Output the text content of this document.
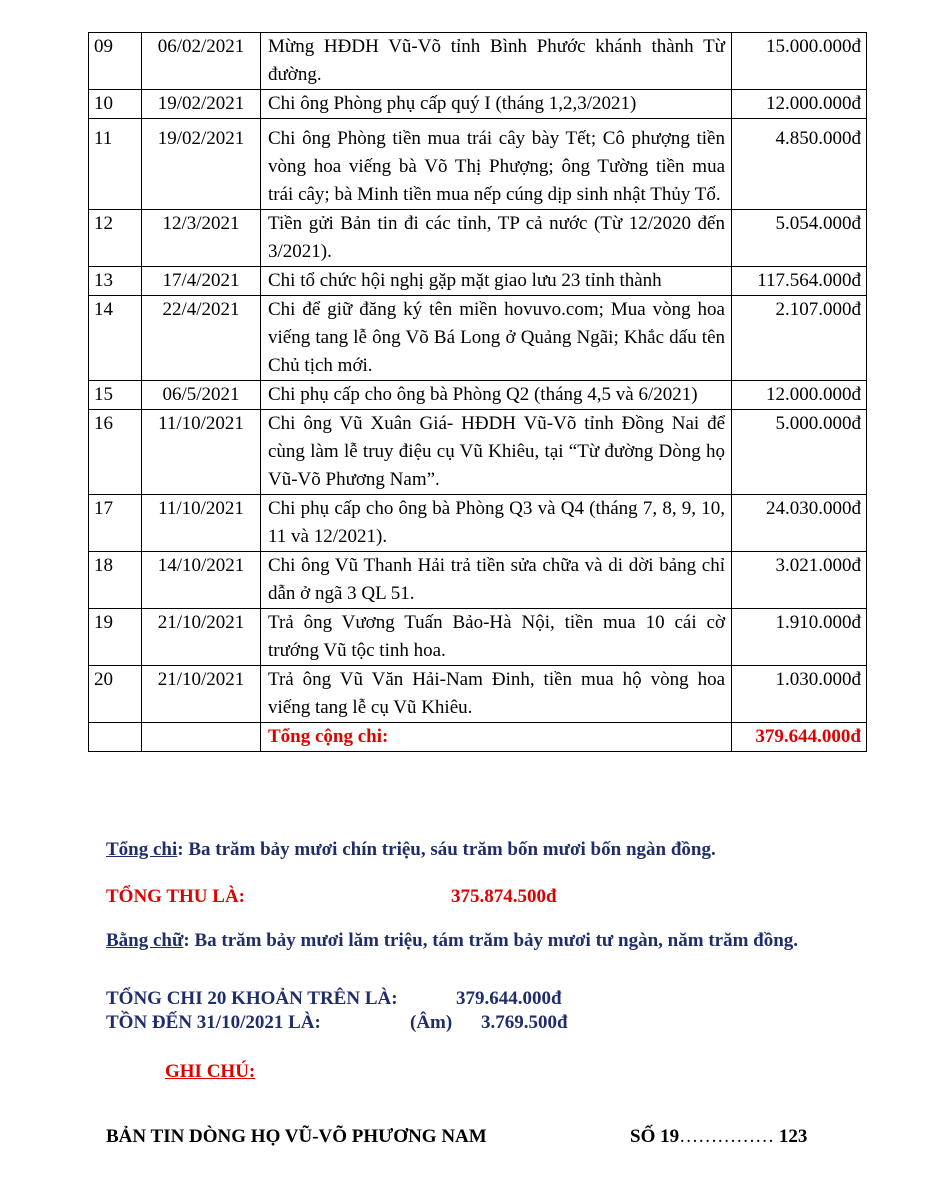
09	06/02/2021	Mừng HĐDH Vũ-Võ tỉnh Bình Phước khánh thành Từ đường.	15.000.000đ
10	19/02/2021	Chi ông Phòng phụ cấp quý I (tháng 1,2,3/2021)	12.000.000đ
11	19/02/2021	Chi ông Phòng tiền mua trái cây bày Tết; Cô phượng tiền vòng hoa viếng bà Võ Thị Phượng; ông Tường tiền mua trái cây; bà Minh tiền mua nếp cúng dịp sinh nhật Thủy Tổ.	4.850.000đ
12	12/3/2021	Tiền gửi Bản tin đi các tỉnh, TP cả nước (Từ 12/2020 đến 3/2021).	5.054.000đ
13	17/4/2021	Chi tổ chức hội nghị gặp mặt giao lưu 23 tỉnh thành	117.564.000đ
14	22/4/2021	Chi để giữ đăng ký tên miền hovuvo.com; Mua vòng hoa viếng tang lễ ông Võ Bá Long ở Quảng Ngãi; Khắc dấu tên Chủ tịch mới.	2.107.000đ
15	06/5/2021	Chi phụ cấp cho ông bà Phòng Q2 (tháng 4,5 và 6/2021)	12.000.000đ
16	11/10/2021	Chi ông Vũ Xuân Giá- HĐDH Vũ-Võ tỉnh Đồng Nai để cùng làm lễ truy điệu cụ Vũ Khiêu, tại “Từ đường Dòng họ Vũ-Võ Phương Nam”.	5.000.000đ
17	11/10/2021	Chi phụ cấp cho ông bà Phòng Q3 và Q4 (tháng 7, 8, 9, 10, 11 và 12/2021).	24.030.000đ
18	14/10/2021	Chi ông Vũ Thanh Hải trả tiền sửa chữa và di dời bảng chỉ dẫn ở ngã 3 QL 51.	3.021.000đ
19	21/10/2021	Trả ông Vương Tuấn Bảo-Hà Nội, tiền mua 10 cái cờ trướng Vũ tộc tinh hoa.	1.910.000đ
20	21/10/2021	Trả ông Vũ Văn Hải-Nam Đinh, tiền mua hộ vòng hoa viếng tang lễ cụ Vũ Khiêu.	1.030.000đ
		Tổng cộng chi:	379.644.000đ
Tổng chi: Ba trăm bảy mươi chín triệu, sáu trăm bốn mươi bốn ngàn đồng.
TỔNG THU LÀ:	375.874.500đ
Bằng chữ: Ba trăm bảy mươi lăm triệu, tám trăm bảy mươi tư ngàn, năm trăm đồng.
TỔNG CHI 20 KHOẢN TRÊN LÀ:	379.644.000đ
TỒN ĐẾN 31/10/2021 LÀ:	(Âm) 3.769.500đ
GHI CHÚ:
BẢN TIN DÒNG HỌ VŨ-VÕ PHƯƠNG NAM	SỐ 19…………… 123
